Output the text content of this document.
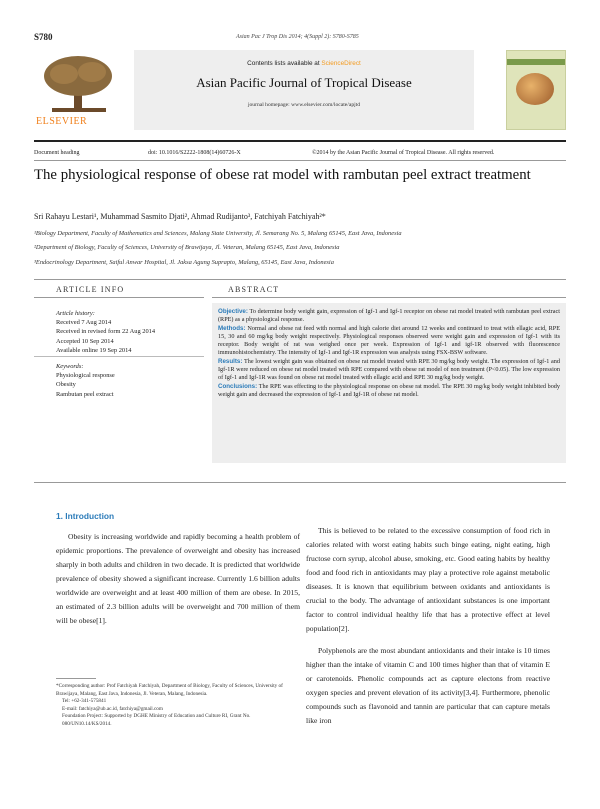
S780	Asian Pac J Trop Dis 2014; 4(Suppl 2): S780-S785
ELSEVIER
Contents lists available at ScienceDirect
Asian Pacific Journal of Tropical Disease
journal homepage: www.elsevier.com/locate/apjtd
Document heading	doi: 10.1016/S2222-1808(14)60726-X	©2014 by the Asian Pacific Journal of Tropical Disease. All rights reserved.
The physiological response of obese rat model with rambutan peel extract treatment
Sri Rahayu Lestari¹, Muhammad Sasmito Djati², Ahmad Rudijanto³, Fatchiyah Fatchiyah²*
¹Biology Department, Faculty of Mathematics and Sciences, Malang State University, Jl. Semarang No. 5, Malang 65145, East Java, Indonesia
²Department of Biology, Faculty of Sciences, University of Brawijaya, Jl. Veteran, Malang 65145, East Java, Indonesia
³Endocrinology Department, Saiful Anwar Hospital, Jl. Jaksa Agung Suprapto, Malang, 65145, East Java, Indonesia
ARTICLE INFO	ABSTRACT
Article history:
Received 7 Aug 2014
Received in revised form 22 Aug 2014
Accepted 10 Sep 2014
Available online 19 Sep 2014
Keywords:
Physiological response
Obesity
Rambutan peel extract

Objective: To determine body weight gain, expression of Igf-1 and Igf-1 receptor on obese rat model treated with rambutan peel extract (RPE) as a physiological response.

Methods: Normal and obese rat feed with normal and high calorie diet around 12 weeks and continued to treat with ellagic acid, RPE 15, 30 and 60 mg/kg body weight respectively. Physiological responses observed were weight gain and expression of Igf-1 with its receptor. Body weight of rat was weighed once per week. Expression of Igf-1 and igf-1R observed with fluorescence immunohistochemistry. The intensity of Igf-1 and Igf-1R expression was analysis using FSX-BSW software.

Results: The lowest weight gain was obtained on obese rat model treated with RPE 30 mg/kg body weight. The expression of Igf-1 and Igf-1R were reduced on obese rat model treated with RPE compared with obese rat model of non treatment (P<0.05). The low expression of Igf-1 and Igf-1R was found on obese rat model treated with ellagic acid and RPE 30 mg/kg body weight.

Conclusions: The RPE was effecting to the physiological response on obese rat model. The RPE 30 mg/kg body weight inhibited body weight gain and decreased the expression of Igf-1 and Igf-1R of obese rat model.

1. Introduction

Obesity is increasing worldwide and rapidly becoming a health problem of epidemic proportions. The prevalence of overweight and obesity has increased sharply in both adults and children in two decade. It is predicted that worldwide prevalence of obesity showed a significant increase. Currently 1.6 billion adults worldwide are overweight and at least 400 million of them are obese. In 2015, an estimated of 2.3 billion adults will be overweight and 700 million of them will be obese[1].

This is believed to be related to the excessive consumption of food rich in calories related with worst eating habits such binge eating, night eating, high fructose corn syrup, alcohol abuse, smoking, etc. Good eating habits by healthy food and food rich in antioxidants may play a protective role against metabolic diseases. It is known that equilibrium between oxidants and antioxidants is crucial to the body. The advantage of antioxidant substances is one important factor to control individual healthy life that has a protective effect at level population[2].

Polyphenols are the most abundant antioxidants and their intake is 10 times higher than the intake of vitamin C and 100 times higher than that of vitamin E or carotenoids. Phenolic compounds act as capture electons from reactive oxygen species and prevent elevation of its activity[3,4]. Furthermore, phenolic compounds such as flavonoid and tannin are particular that can capture metals like iron

*Corresponding author: Prof Fatchiyah Fatchiyah, Department of Biology, Faculty of Sciences, University of Brawijaya, Malang, East Java, Indonesia, Jl. Veteran, Malang, Indonesia.
Tel: +62-341-575841
E-mail: fatchiya@ub.ac.id, fatchiya@gmail.com
Foundation Project: Supported by DGHE Ministry of Education and Culture RI, Grant No. 080/UN10.14/KS/2014.
